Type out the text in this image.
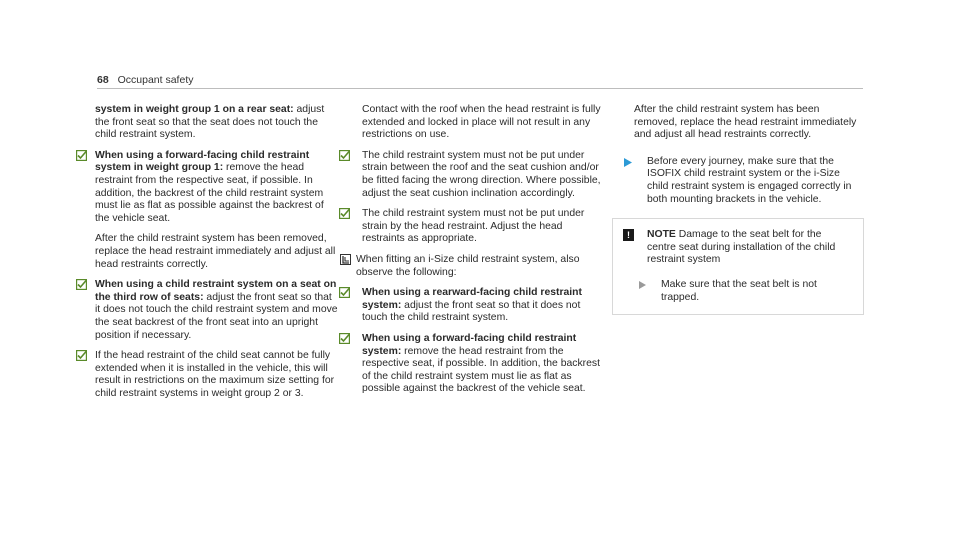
68 Occupant safety

system in weight group 1 on a rear seat: adjust the front seat so that the seat does not touch the child restraint system.

When using a forward-facing child restraint system in weight group 1: remove the head restraint from the respective seat, if possible. In addition, the backrest of the child restraint system must lie as flat as possible against the backrest of the vehicle seat.

After the child restraint system has been removed, replace the head restraint immediately and adjust all head restraints correctly.

When using a child restraint system on a seat on the third row of seats: adjust the front seat so that it does not touch the child restraint system and move the seat backrest of the front seat into an upright position if necessary.
If the head restraint of the child seat cannot be fully extended when it is installed in the vehicle, this will result in restrictions on the maximum size setting for child restraint systems in weight group 2 or 3.

Contact with the roof when the head restraint is fully extended and locked in place will not result in any restrictions on use.

The child restraint system must not be put under strain between the roof and the seat cushion and/or be fitted facing the wrong direction. Where possible, adjust the seat cushion inclination accordingly.
The child restraint system must not be put under strain by the head restraint. Adjust the head restraints as appropriate.
When fitting an i-Size child restraint system, also observe the following:
When using a rearward-facing child restraint system: adjust the front seat so that it does not touch the child restraint system.
When using a forward-facing child restraint system: remove the head restraint from the respective seat, if possible. In addition, the backrest of the child restraint system must lie as flat as possible against the backrest of the vehicle seat.

After the child restraint system has been removed, replace the head restraint immediately and adjust all head restraints correctly.

Before every journey, make sure that the ISOFIX child restraint system or the i-Size child restraint system is engaged correctly in both mounting brackets in the vehicle.
!	NOTE Damage to the seat belt for the centre seat during installation of the child restraint system
Make sure that the seat belt is not trapped.
